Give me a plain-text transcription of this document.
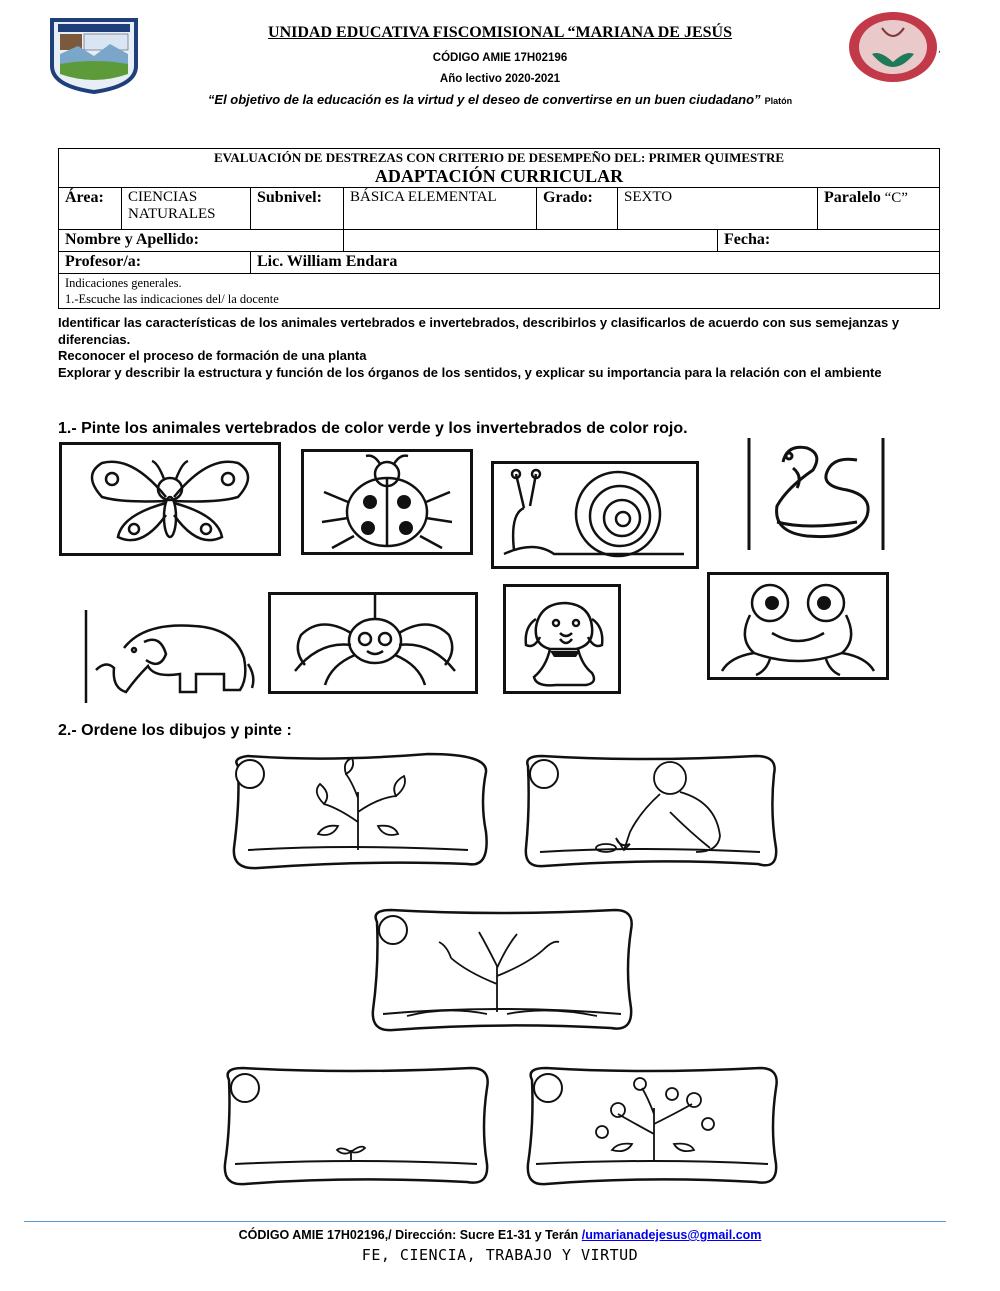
,
UNIDAD EDUCATIVA FISCOMISIONAL “MARIANA DE JESÚS
CÓDIGO AMIE 17H02196
Año lectivo 2020-2021
“El objetivo de la educación es la virtud y el deseo de convertirse en un buen ciudadano” Platón
EVALUACIÓN DE DESTREZAS CON CRITERIO DE DESEMPEÑO DEL: PRIMER QUIMESTRE
ADAPTACIÓN CURRICULAR							

Área:	CIENCIAS NATURALES	Subnivel:	BÁSICA ELEMENTAL	Grado:	SEXTO		Paralelo “C”
Nombre y Apellido:						Fecha:	
Profesor/a:		Lic. William Endara					

Indicaciones generales.
1.-Escuche las indicaciones del/ la docente							
Identificar las características de los animales vertebrados e invertebrados, describirlos y clasificarlos de acuerdo con sus semejanzas y diferencias.
Reconocer el proceso de formación de una planta
Explorar y describir la estructura y función de los órganos de los sentidos, y explicar su importancia para la relación con el ambiente
1.- Pinte los animales vertebrados de color verde y los invertebrados de color rojo.
2.- Ordene los dibujos y pinte :
CÓDIGO AMIE 17H02196,/ Dirección: Sucre E1-31 y Terán /umarianadejesus@gmail.com
FE, CIENCIA, TRABAJO Y VIRTUD
